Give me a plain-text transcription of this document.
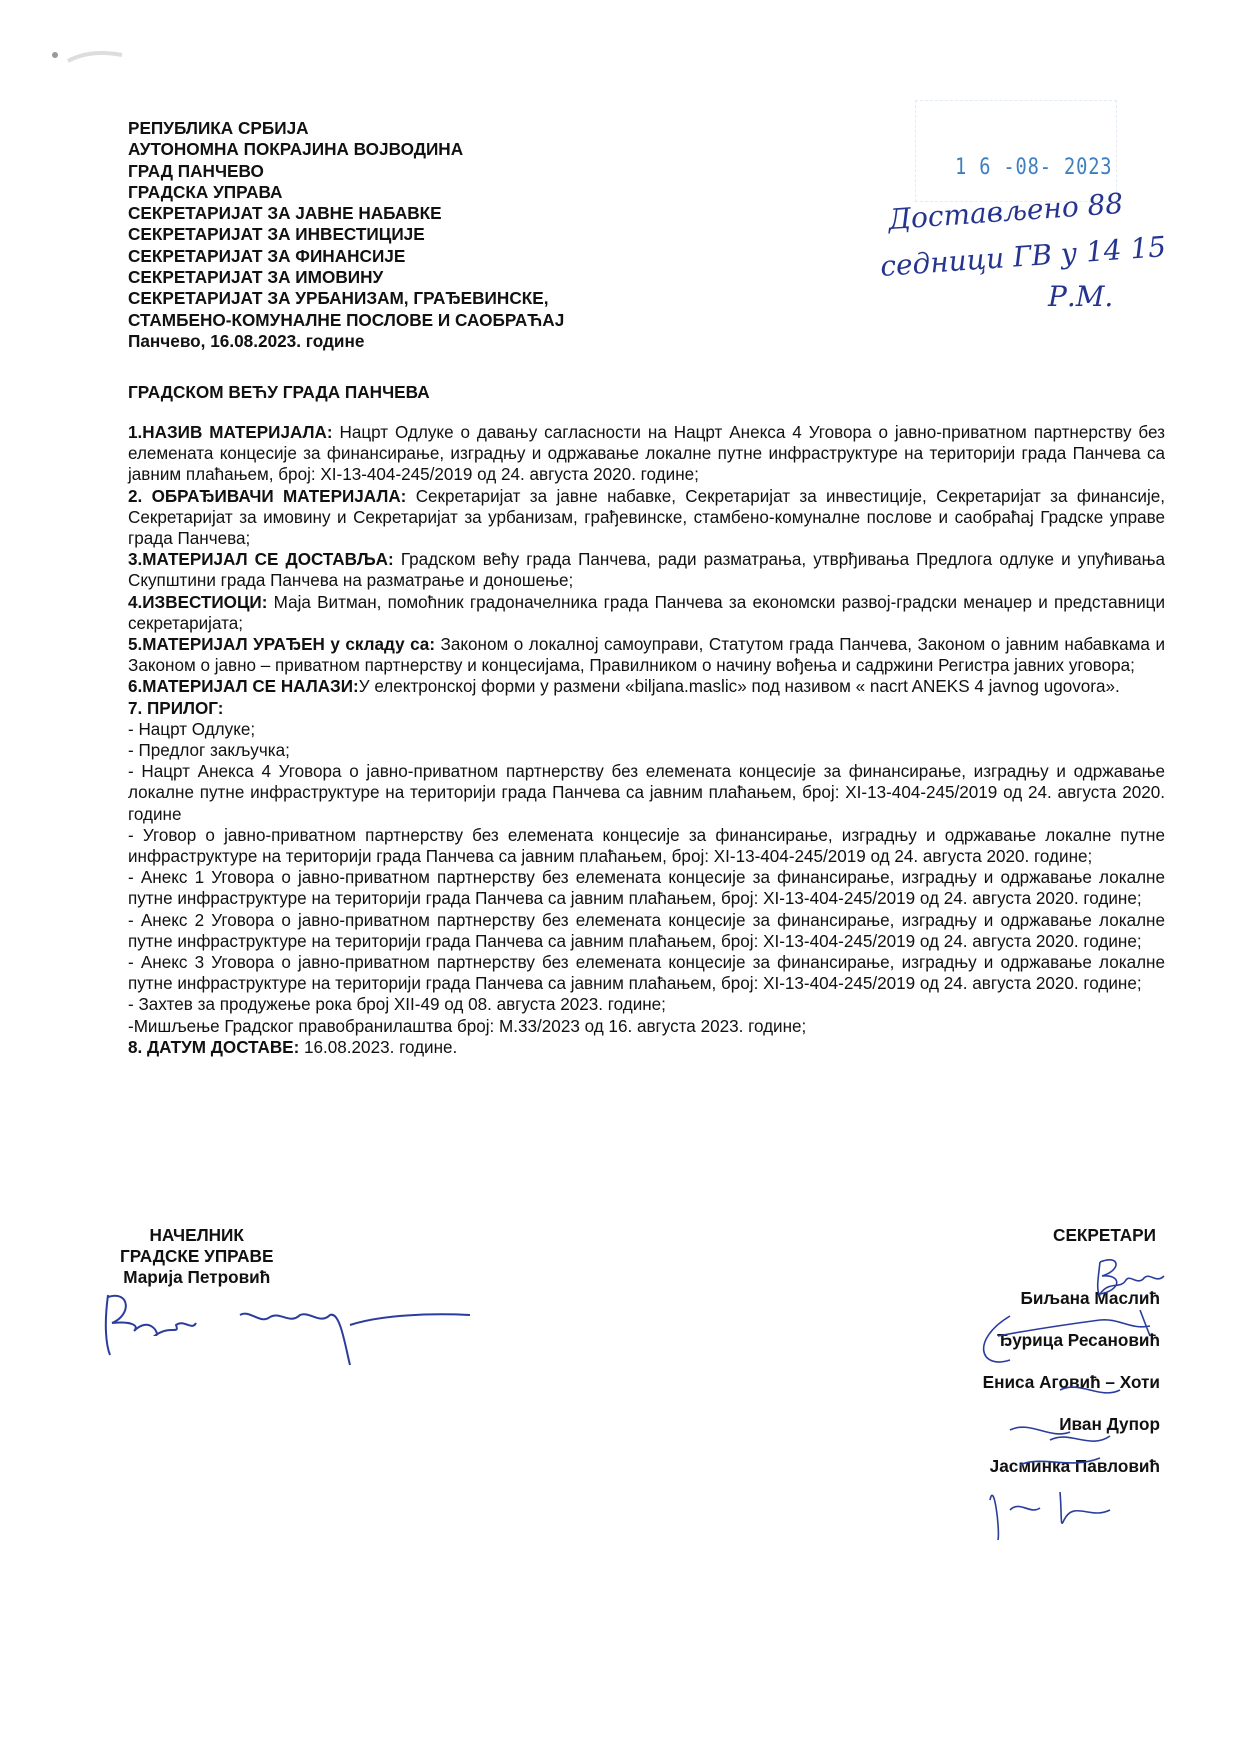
РЕПУБЛИКА СРБИЈА
АУТОНОМНА ПОКРАЈИНА ВОЈВОДИНА
ГРАД ПАНЧЕВО
ГРАДСКА УПРАВА
СЕКРЕТАРИЈАТ ЗА ЈАВНЕ НАБАВКЕ
СЕКРЕТАРИЈАТ ЗА ИНВЕСТИЦИЈЕ
СЕКРЕТАРИЈАТ ЗА ФИНАНСИЈЕ
СЕКРЕТАРИЈАТ ЗА ИМОВИНУ
СЕКРЕТАРИЈАТ ЗА УРБАНИЗАМ, ГРАЂЕВИНСКЕ,
СТАМБЕНО-КОМУНАЛНЕ ПОСЛОВЕ И САОБРАЋАЈ
Панчево, 16.08.2023. године
1 6 -08- 2023
Достављено 88
седници ГВ у 14 15
Р.М.
ГРАДСКОМ ВЕЋУ ГРАДА ПАНЧЕВА

1.НАЗИВ МАТЕРИЈАЛА: Нацрт Одлуке о давању сагласности на Нацрт Анекса 4 Уговора о јавно-приватном партнерству без елемената концесије за финансирање, изградњу и одржавање локалне путне инфраструктуре на територији града Панчева са јавним плаћањем, број: XI-13-404-245/2019 од 24. августа 2020. године;

2. ОБРАЂИВАЧИ МАТЕРИЈАЛА: Секретаријат за јавне набавке, Секретаријат за инвестиције, Секретаријат за финансије, Секретаријат за имовину и Секретаријат за урбанизам, грађевинске, стамбено-комуналне послове и саобраћај Градске управе града Панчева;

3.МАТЕРИЈАЛ СЕ ДОСТАВЉА: Градском већу града Панчева, ради разматрања, утврђивања Предлога одлуке и упућивања Скупштини града Панчева на разматрање и доношење;

4.ИЗВЕСТИОЦИ: Маја Витман, помоћник градоначелника града Панчева за економски развој-градски менаџер и представници секретаријата;

5.МАТЕРИЈАЛ УРАЂЕН у складу са: Законом о локалној самоуправи, Статутом града Панчева, Законом о јавним набавкама и Законом о јавно – приватном партнерству и концесијама, Правилником о начину вођења и садржини Регистра јавних уговора;

6.МАТЕРИЈАЛ СЕ НАЛАЗИ:У електронској форми у размени «biljana.maslic» под називом « nacrt ANEKS 4 javnog ugovora».

7. ПРИЛОГ:

- Нацрт Одлуке;

- Предлог закључка;

- Нацрт Анекса 4 Уговора о јавно-приватном партнерству без елемената концесије за финансирање, изградњу и одржавање локалне путне инфраструктуре на територији града Панчева са јавним плаћањем, број: XI-13-404-245/2019 од 24. августа 2020. године

- Уговор о јавно-приватном партнерству без елемената концесије за финансирање, изградњу и одржавање локалне путне инфраструктуре на територији града Панчева са јавним плаћањем, број: XI-13-404-245/2019 од 24. августа 2020. године;

- Анекс 1 Уговора о јавно-приватном партнерству без елемената концесије за финансирање, изградњу и одржавање локалне путне инфраструктуре на територији града Панчева са јавним плаћањем, број: XI-13-404-245/2019 од 24. августа 2020. године;

- Анекс 2 Уговора о јавно-приватном партнерству без елемената концесије за финансирање, изградњу и одржавање локалне путне инфраструктуре на територији града Панчева са јавним плаћањем, број: XI-13-404-245/2019 од 24. августа 2020. године;

- Анекс 3 Уговора о јавно-приватном партнерству без елемената концесије за финансирање, изградњу и одржавање локалне путне инфраструктуре на територији града Панчева са јавним плаћањем, број: XI-13-404-245/2019 од 24. августа 2020. године;

- Захтев за продужење рока број XII-49 од 08. августа 2023. године;

-Мишљење Градског правобранилаштва број: М.33/2023 од 16. августа 2023. године;

8. ДАТУМ ДОСТАВЕ: 16.08.2023. године.

НАЧЕЛНИК
ГРАДСКЕ УПРАВЕ
Марија Петровић
СЕКРЕТАРИ
Биљана Маслић
Ђурица Ресановић
Ениса Аговић – Хоти
Иван Дупор
Јасминка Павловић
